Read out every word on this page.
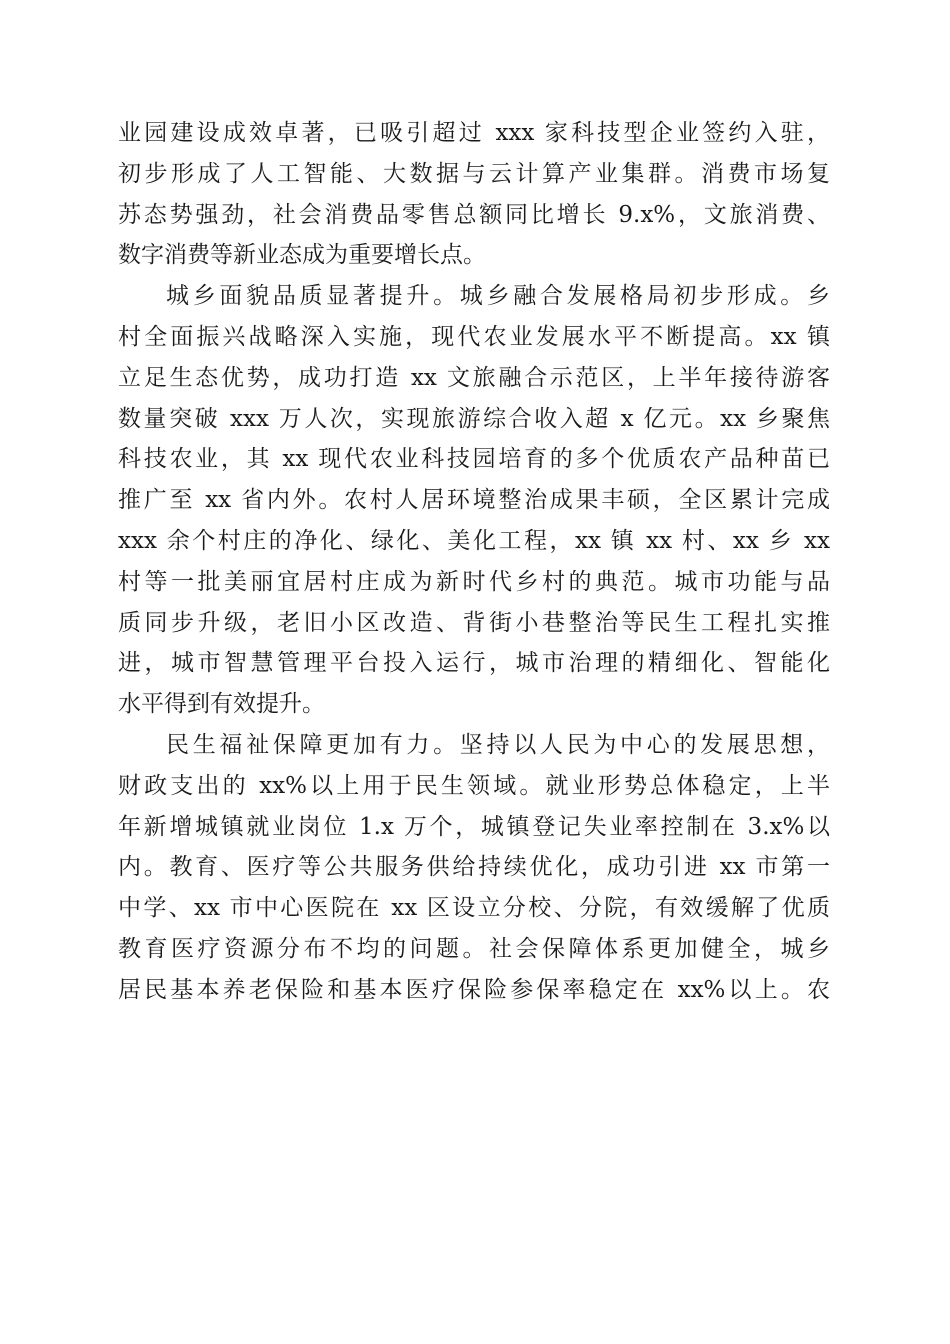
业园建设成效卓著，已吸引超过 xxx 家科技型企业签约入驻，
初步形成了人工智能、大数据与云计算产业集群。消费市场复
苏态势强劲，社会消费品零售总额同比增长 9.x%，文旅消费、
数字消费等新业态成为重要增长点。
城乡面貌品质显著提升。城乡融合发展格局初步形成。乡
村全面振兴战略深入实施，现代农业发展水平不断提高。xx 镇
立足生态优势，成功打造 xx 文旅融合示范区，上半年接待游客
数量突破 xxx 万人次，实现旅游综合收入超 x 亿元。xx 乡聚焦
科技农业，其 xx 现代农业科技园培育的多个优质农产品种苗已
推广至 xx 省内外。农村人居环境整治成果丰硕，全区累计完成
xxx 余个村庄的净化、绿化、美化工程，xx 镇 xx 村、xx 乡 xx
村等一批美丽宜居村庄成为新时代乡村的典范。城市功能与品
质同步升级，老旧小区改造、背街小巷整治等民生工程扎实推
进，城市智慧管理平台投入运行，城市治理的精细化、智能化
水平得到有效提升。
民生福祉保障更加有力。坚持以人民为中心的发展思想，
财政支出的 xx%以上用于民生领域。就业形势总体稳定，上半
年新增城镇就业岗位 1.x 万个，城镇登记失业率控制在 3.x%以
内。教育、医疗等公共服务供给持续优化，成功引进 xx 市第一
中学、xx 市中心医院在 xx 区设立分校、分院，有效缓解了优质
教育医疗资源分布不均的问题。社会保障体系更加健全，城乡
居民基本养老保险和基本医疗保险参保率稳定在 xx%以上。农
